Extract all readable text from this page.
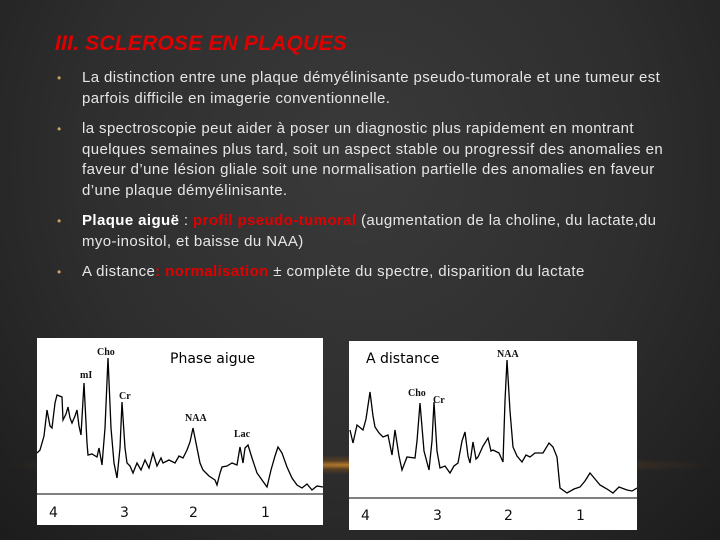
III. SCLEROSE EN PLAQUES
• La distinction entre une plaque démyélinisante pseudo-tumorale et une tumeur est parfois difficile en imagerie conventionnelle.
• la spectroscopie peut aider à poser un diagnostic plus rapidement en montrant quelques semaines plus tard, soit un aspect stable ou progressif des anomalies en faveur d’une lésion gliale soit une normalisation partielle des anomalies en faveur d’une plaque démyélinisante.
• Plaque aiguë : profil pseudo-tumoral (augmentation de la choline, du lactate,du myo-inositol, et baisse du NAA)
• A distance: normalisation ± complète du spectre, disparition du lactate
Cho
mI
Cr
NAA
Lac
Phase aigue
4	3	2	1
NAA
Cho
Cr
A distance
4	3	2	1
